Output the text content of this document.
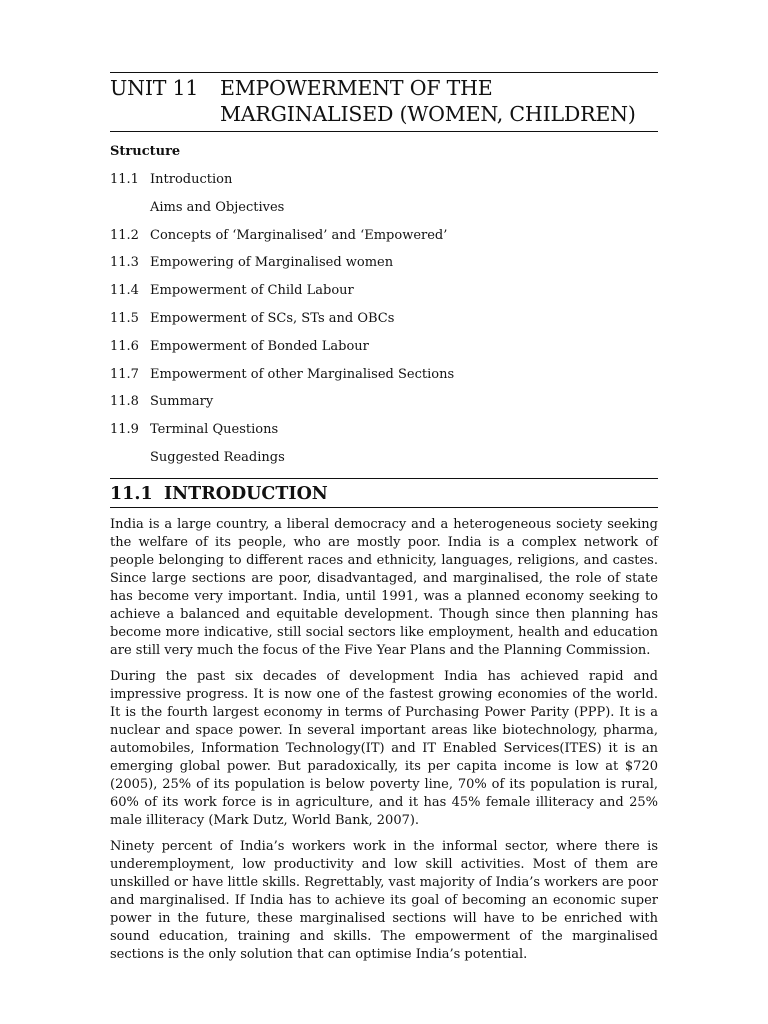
UNIT 11 EMPOWERMENT OF THE
MARGINALISED (WOMEN, CHILDREN)
Structure
11.1 Introduction
Aims and Objectives
11.2 Concepts of ‘Marginalised’ and ‘Empowered’
11.3 Empowering of Marginalised women
11.4 Empowerment of Child Labour
11.5 Empowerment of SCs, STs and OBCs
11.6 Empowerment of Bonded Labour
11.7 Empowerment of other Marginalised Sections
11.8 Summary
11.9 Terminal Questions
Suggested Readings
11.1 INTRODUCTION

India is a large country, a liberal democracy and a heterogeneous society seeking the welfare of its people, who are mostly poor. India is a complex network of people belonging to different races and ethnicity, languages, religions, and castes. Since large sections are poor, disadvantaged, and marginalised, the role of state has become very important. India, until 1991, was a planned economy seeking to achieve a balanced and equitable development. Though since then planning has become more indicative, still social sectors like employment, health and education are still very much the focus of the Five Year Plans and the Planning Commission.

During the past six decades of development India has achieved rapid and impressive progress. It is now one of the fastest growing economies of the world. It is the fourth largest economy in terms of Purchasing Power Parity (PPP). It is a nuclear and space power. In several important areas like biotechnology, pharma, automobiles, Information Technology(IT) and IT Enabled Services(ITES) it is an emerging global power. But paradoxically, its per capita income is low at $720 (2005), 25% of its population is below poverty line, 70% of its population is rural, 60% of its work force is in agriculture, and it has 45% female illiteracy and 25% male illiteracy (Mark Dutz, World Bank, 2007).

Ninety percent of India’s workers work in the informal sector, where there is underemployment, low productivity and low skill activities. Most of them are unskilled or have little skills. Regrettably, vast majority of India’s workers are poor and marginalised. If India has to achieve its goal of becoming an economic super power in the future, these marginalised sections will have to be enriched with sound education, training and skills. The empowerment of the marginalised sections is the only solution that can optimise India’s potential.
